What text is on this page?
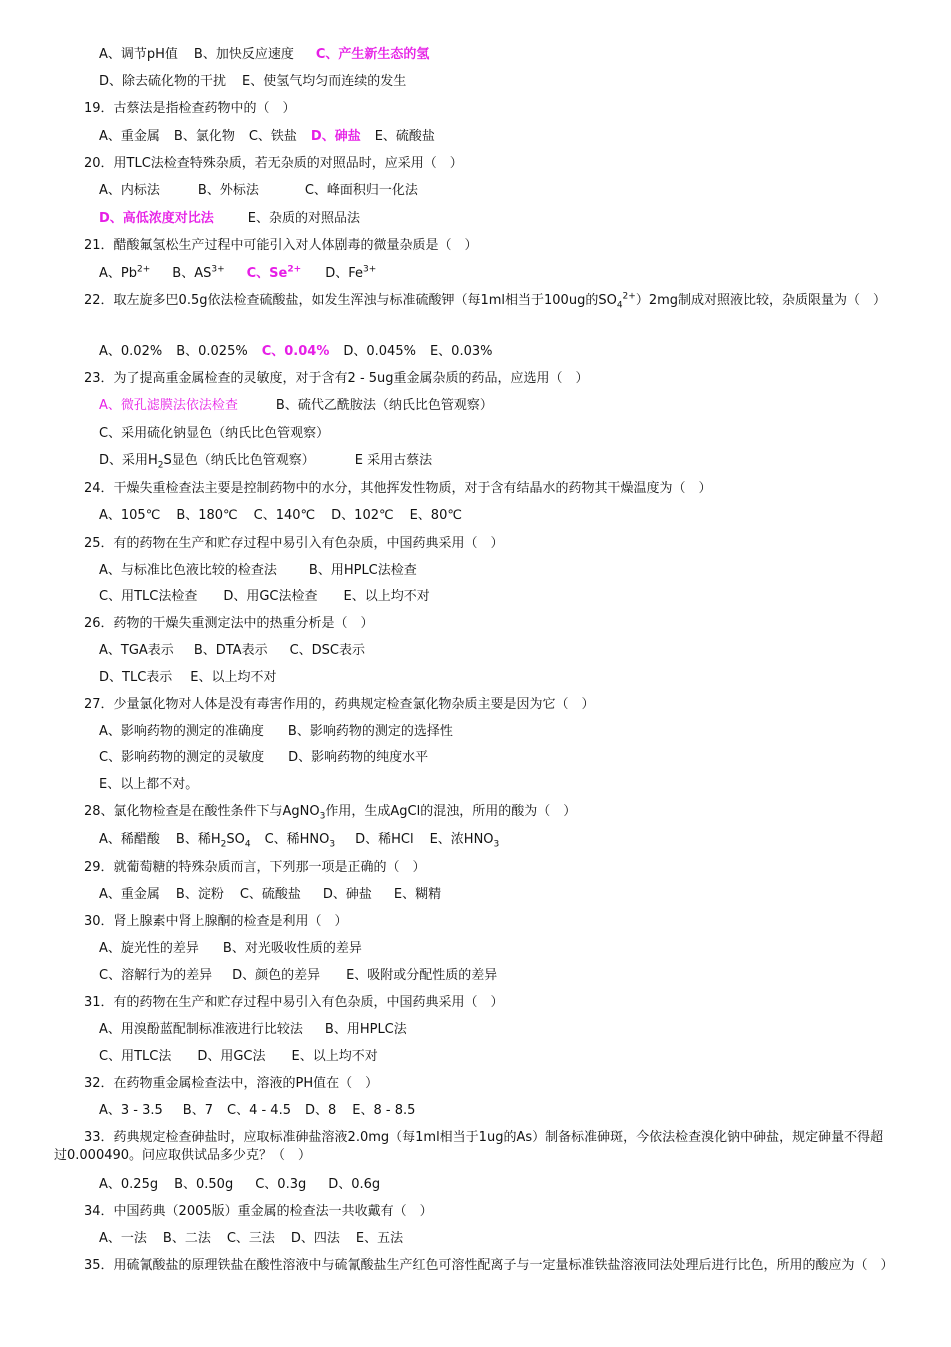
A、调节pH值 B、加快反应速度 C、产生新生态的氢
D、除去硫化物的干扰 E、使氢气均匀而连续的发生
19．古蔡法是指检查药物中的（　）
A、重金属 B、氯化物 C、铁盐 D、砷盐 E、硫酸盐
20．用TLC法检查特殊杂质，若无杂质的对照品时，应采用（　）
A、内标法	B、外标法	C、峰面积归一化法
D、高低浓度对比法	E、杂质的对照品法
21．醋酸氟氢松生产过程中可能引入对人体剧毒的微量杂质是（　）
A、$Pb^{2+}$ B、$AS^{3+}$ C、$Se^{2+}$ D、$Fe^{3+}$
22．取左旋多巴0.5g依法检查硫酸盐，如发生浑浊与标准硫酸钾（每1ml相当于100ug的$SO_4^{2+})2mg$制成对照液比较，杂质限量为（　）
A、0.02% B、0.025% C、0.04% D、0.045% E、0.03%
23．为了提高重金属检查的灵敏度，对于含有2 - 5ug重金属杂质的药品，应选用（　）
A、微孔滤膜法依法检查	B、硫代乙酰胺法（纳氏比色管观察）
C、采用硫化钠显色（纳氏比色管观察）
D、采用$H_2S$显色（纳氏比色管观察）	E 采用古蔡法
24．干燥失重检查法主要是控制药物中的水分，其他挥发性物质，对于含有结晶水的药物其干燥温度为（　）
A、105℃ B、180℃ C、140℃ D、102℃ E、80℃
25．有的药物在生产和贮存过程中易引入有色杂质，中国药典采用（　）
A、与标准比色液比较的检查法 B、用HPLC法检查
C、用TLC法检查 D、用GC法检查 E、以上均不对
26．药物的干燥失重测定法中的热重分析是（　）
A、TGA表示 B、DTA表示 C、DSC表示
D、TLC表示 E、以上均不对
27．少量氯化物对人体是没有毒害作用的，药典规定检查氯化物杂质主要是因为它（　）
A、影响药物的测定的准确度 B、影响药物的测定的选择性
C、影响药物的测定的灵敏度 D、影响药物的纯度水平
E、以上都不对。
28、氯化物检查是在酸性条件下与AgNO$_3$作用，生成AgCl的混浊，所用的酸为（　）
A、稀醋酸 B、稀$H_2SO_4$ C、稀$HNO_3$ D、稀HCl E、浓$HNO_3$
29．就葡萄糖的特殊杂质而言，下列那一项是正确的（　）
A、重金属 B、淀粉 C、硫酸盐 D、砷盐 E、糊精
30．肾上腺素中肾上腺酮的检查是利用（　）
A、旋光性的差异 B、对光吸收性质的差异
C、溶解行为的差异 D、颜色的差异 E、吸附或分配性质的差异
31．有的药物在生产和贮存过程中易引入有色杂质，中国药典采用（　）
A、用溴酚蓝配制标准液进行比较法 B、用HPLC法
C、用TLC法 D、用GC法 E、以上均不对
32．在药物重金属检查法中，溶液的PH值在（　）
A、3 - 3.5 B、7 C、4 - 4.5 D、8 E、8 - 8.5
33．药典规定检查砷盐时，应取标准砷盐溶液2.0mg（每1ml相当于1ug的As）制备标准砷斑，今依法检查溴化钠中砷盐，规定砷量不得超过0.000490。问应取供试品多少克？（　）
A、0.25g B、0.50g C、0.3g D、0.6g
34．中国药典（2005版）重金属的检查法一共收戴有（　）
A、一法 B、二法 C、三法 D、四法 E、五法
35．用硫氰酸盐的原理铁盐在酸性溶液中与硫氰酸盐生产红色可溶性配离子与一定量标准铁盐溶液同法处理后进行比色，所用的酸应为（　）
